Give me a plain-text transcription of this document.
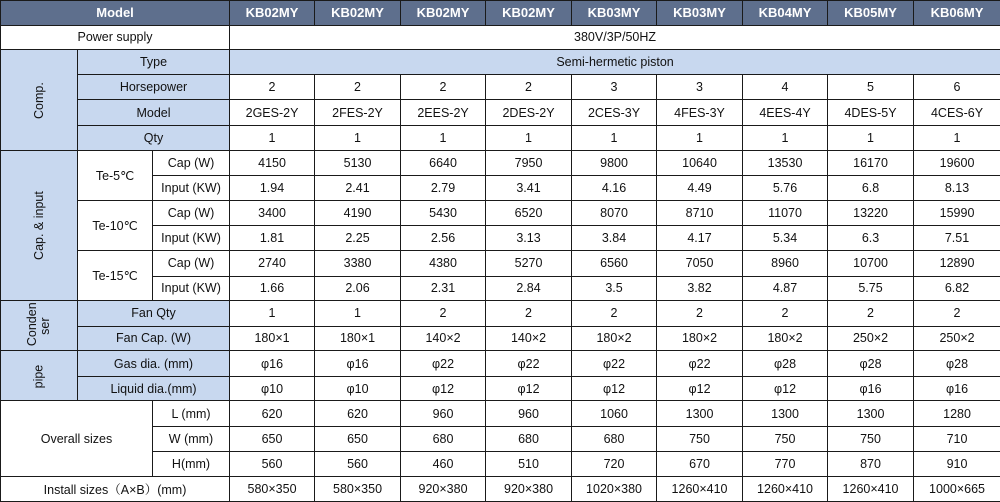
Model			KB02MY	KB02MY	KB02MY	KB02MY	KB03MY	KB03MY	KB04MY	KB05MY	KB06MY
Power supply			380V/3P/50HZ								
Comp.	Type		Semi-hermetic piston								
	Horsepower		2	2	2	2	3	3	4	5	6
	Model		2GES-2Y	2FES-2Y	2EES-2Y	2DES-2Y	2CES-3Y	4FES-3Y	4EES-4Y	4DES-5Y	4CES-6Y
	Qty		1	1	1	1	1	1	1	1	1
Cap. & input	Te-5℃	Cap (W)	4150	5130	6640	7950	9800	10640	13530	16170	19600
		Input (KW)	1.94	2.41	2.79	3.41	4.16	4.49	5.76	6.8	8.13
	Te-10℃	Cap (W)	3400	4190	5430	6520	8070	8710	11070	13220	15990
		Input (KW)	1.81	2.25	2.56	3.13	3.84	4.17	5.34	6.3	7.51
	Te-15℃	Cap (W)	2740	3380	4380	5270	6560	7050	8960	10700	12890
		Input (KW)	1.66	2.06	2.31	2.84	3.5	3.82	4.87	5.75	6.82
Conden ser	Fan Qty		1	1	2	2	2	2	2	2	2
	Fan Cap. (W)		180×1	180×1	140×2	140×2	180×2	180×2	180×2	250×2	250×2
pipe	Gas dia. (mm)		φ16	φ16	φ22	φ22	φ22	φ22	φ28	φ28	φ28
	Liquid dia.(mm)		φ10	φ10	φ12	φ12	φ12	φ12	φ12	φ16	φ16
Overall sizes		L (mm)	620	620	960	960	1060	1300	1300	1300	1280
		W (mm)	650	650	680	680	680	750	750	750	710
		H(mm)	560	560	460	510	720	670	770	870	910
Install sizes（A×B）(mm)			580×350	580×350	920×380	920×380	1020×380	1260×410	1260×410	1260×410	1000×665
